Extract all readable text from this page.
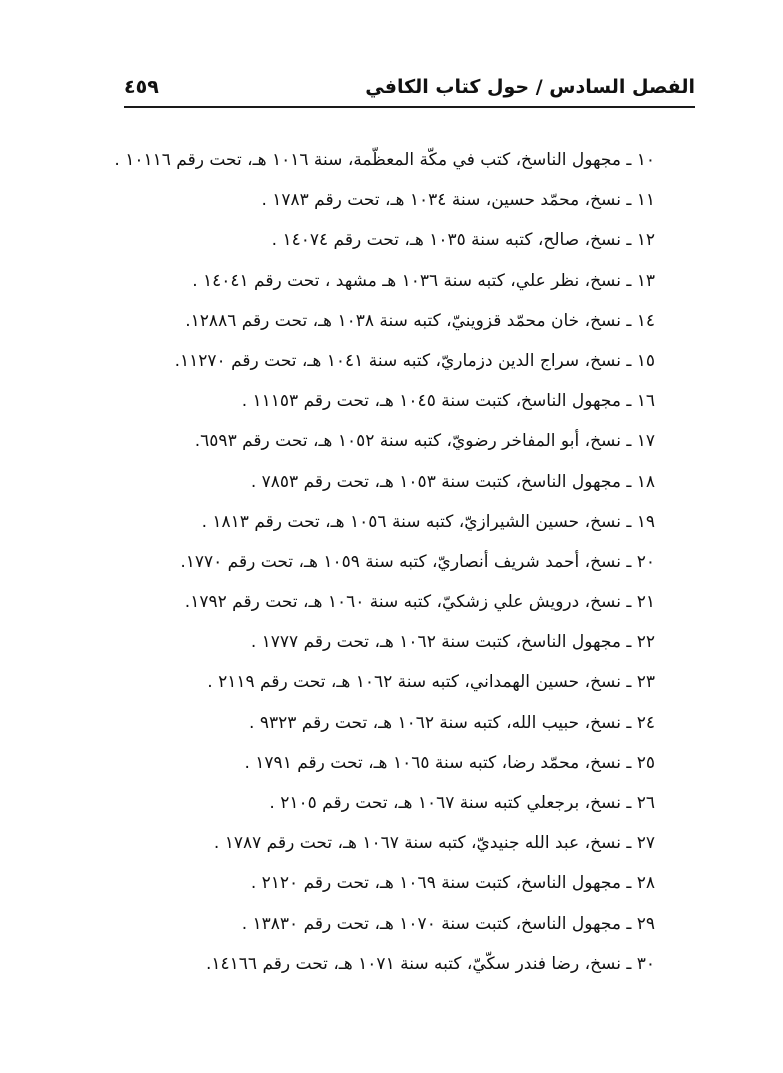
الفصل السادس / حول كتاب الكافي
٤٥٩
١٠ ـ مجهول الناسخ، كتب في مكّة المعظّمة، سنة ١٠١٦ هـ، تحت رقم ١٠١١٦ .
١١ ـ نسخ، محمّد حسين، سنة ١٠٣٤ هـ، تحت رقم ١٧٨٣ .
١٢ ـ نسخ، صالح، كتبه سنة ١٠٣٥ هـ، تحت رقم ١٤٠٧٤ .
١٣ ـ نسخ، نظر علي، كتبه سنة ١٠٣٦ هـ مشهد ، تحت رقم ١٤٠٤١ .
١٤ ـ نسخ، خان محمّد قزوينيّ، كتبه سنة ١٠٣٨ هـ، تحت رقم ١٢٨٨٦.
١٥ ـ نسخ، سراج الدين دزماريّ، كتبه سنة ١٠٤١ هـ، تحت رقم ١١٢٧٠.
١٦ ـ مجهول الناسخ، كتبت سنة ١٠٤٥ هـ، تحت رقم ١١١٥٣ .
١٧ ـ نسخ، أبو المفاخر رضويّ، كتبه سنة ١٠٥٢ هـ، تحت رقم ٦٥٩٣.
١٨ ـ مجهول الناسخ، كتبت سنة ١٠٥٣ هـ، تحت رقم ٧٨٥٣ .
١٩ ـ نسخ، حسين الشيرازيّ، كتبه سنة ١٠٥٦ هـ، تحت رقم ١٨١٣ .
٢٠ ـ نسخ، أحمد شريف أنصاريّ، كتبه سنة ١٠٥٩ هـ، تحت رقم ١٧٧٠.
٢١ ـ نسخ، درويش علي زشكيّ، كتبه سنة ١٠٦٠ هـ، تحت رقم ١٧٩٢.
٢٢ ـ مجهول الناسخ، كتبت سنة ١٠٦٢ هـ، تحت رقم ١٧٧٧ .
٢٣ ـ نسخ، حسين الهمداني، كتبه سنة ١٠٦٢ هـ، تحت رقم ٢١١٩ .
٢٤ ـ نسخ، حبيب الله، كتبه سنة ١٠٦٢ هـ، تحت رقم ٩٣٢٣ .
٢٥ ـ نسخ، محمّد رضا، كتبه سنة ١٠٦٥ هـ، تحت رقم ١٧٩١ .
٢٦ ـ نسخ، برجعلي كتبه سنة ١٠٦٧ هـ، تحت رقم ٢١٠٥ .
٢٧ ـ نسخ، عبد الله جنيديّ، كتبه سنة ١٠٦٧ هـ، تحت رقم ١٧٨٧ .
٢٨ ـ مجهول الناسخ، كتبت سنة ١٠٦٩ هـ، تحت رقم ٢١٢٠ .
٢٩ ـ مجهول الناسخ، كتبت سنة ١٠٧٠ هـ، تحت رقم ١٣٨٣٠ .
٣٠ ـ نسخ، رضا فندر سكّيّ، كتبه سنة ١٠٧١ هـ، تحت رقم ١٤١٦٦.
